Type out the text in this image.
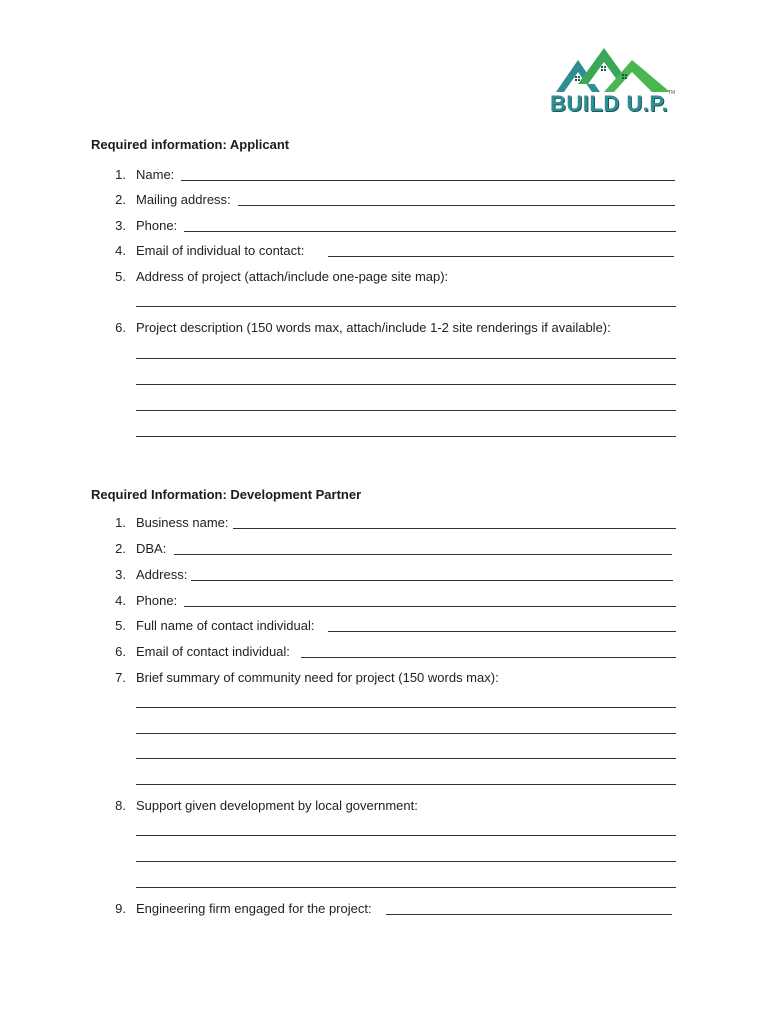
BUILD U.P. TM
Required information: Applicant
1. Name:
2. Mailing address:
3. Phone:
4. Email of individual to contact:
5. Address of project (attach/include one-page site map):
6. Project description (150 words max, attach/include 1-2 site renderings if available):
Required Information: Development Partner
1. Business name:
2. DBA:
3. Address:
4. Phone:
5. Full name of contact individual:
6. Email of contact individual:
7. Brief summary of community need for project (150 words max):
8. Support given development by local government:
9. Engineering firm engaged for the project:
